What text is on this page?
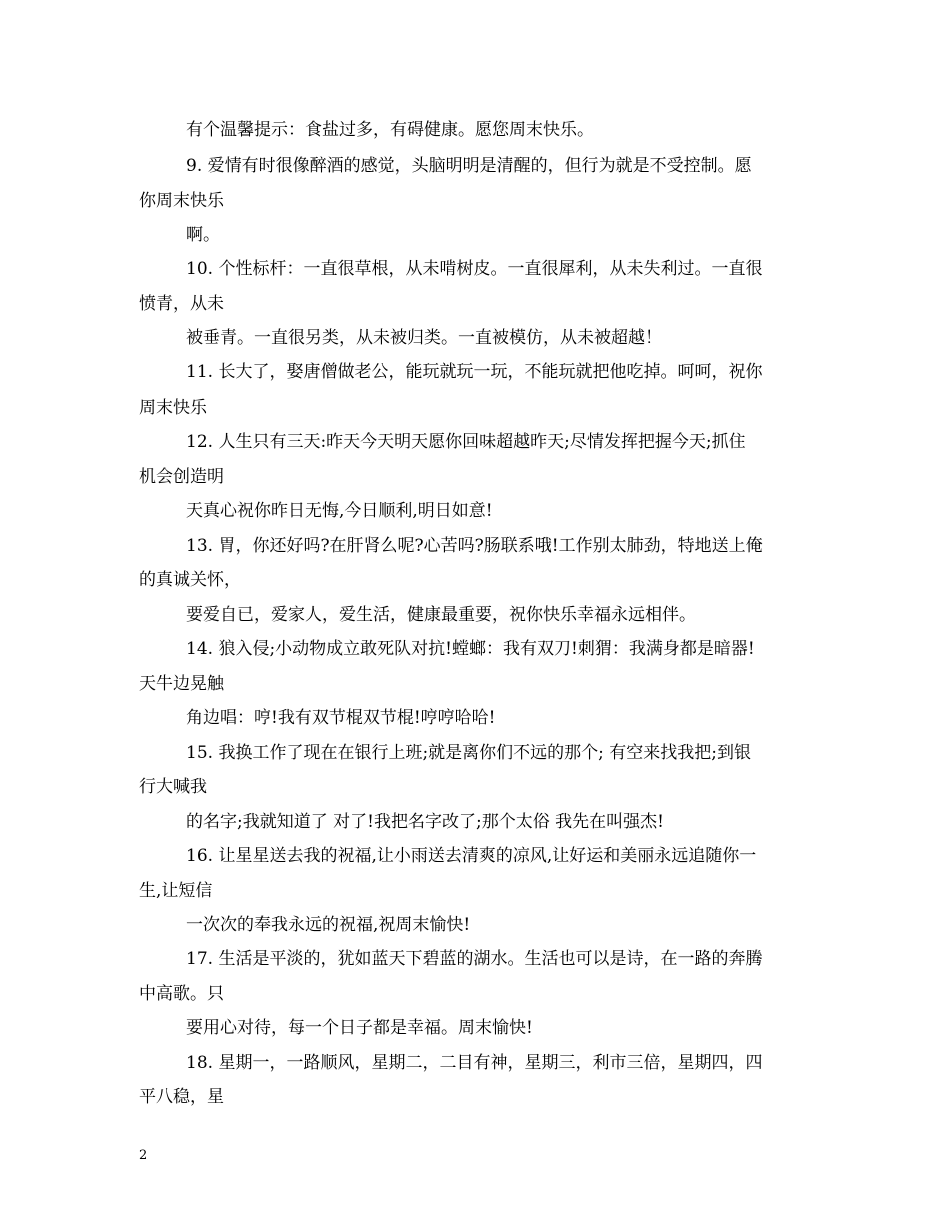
有个温馨提示：食盐过多，有碍健康。愿您周末快乐。
9. 爱情有时很像醉酒的感觉，头脑明明是清醒的，但行为就是不受控制。愿
你周末快乐
啊。
10. 个性标杆：一直很草根，从未啃树皮。一直很犀利，从未失利过。一直很
愤青，从未
被垂青。一直很另类，从未被归类。一直被模仿，从未被超越！
11. 长大了，娶唐僧做老公，能玩就玩一玩，不能玩就把他吃掉。呵呵，祝你
周末快乐
12. 人生只有三天:昨天今天明天愿你回味超越昨天;尽情发挥把握今天;抓住
机会创造明
天真心祝你昨日无悔,今日顺利,明日如意!
13. 胃，你还好吗?在肝肾么呢?心苦吗?肠联系哦!工作别太肺劲，特地送上俺
的真诚关怀，
要爱自已，爱家人，爱生活，健康最重要，祝你快乐幸福永远相伴。
14. 狼入侵;小动物成立敢死队对抗!螳螂：我有双刀!刺猬：我满身都是暗器!
天牛边晃触
角边唱：哼!我有双节棍双节棍!哼哼哈哈!
15. 我换工作了现在在银行上班;就是离你们不远的那个; 有空来找我把;到银
行大喊我
的名字;我就知道了 对了!我把名字改了;那个太俗 我先在叫强杰!
16. 让星星送去我的祝福,让小雨送去清爽的凉风,让好运和美丽永远追随你一
生,让短信
一次次的奉我永远的祝福,祝周末愉快!
17. 生活是平淡的，犹如蓝天下碧蓝的湖水。生活也可以是诗，在一路的奔腾
中高歌。只
要用心对待，每一个日子都是幸福。周末愉快!
18. 星期一，一路顺风，星期二，二目有神，星期三，利市三倍，星期四，四
平八稳，星
2
